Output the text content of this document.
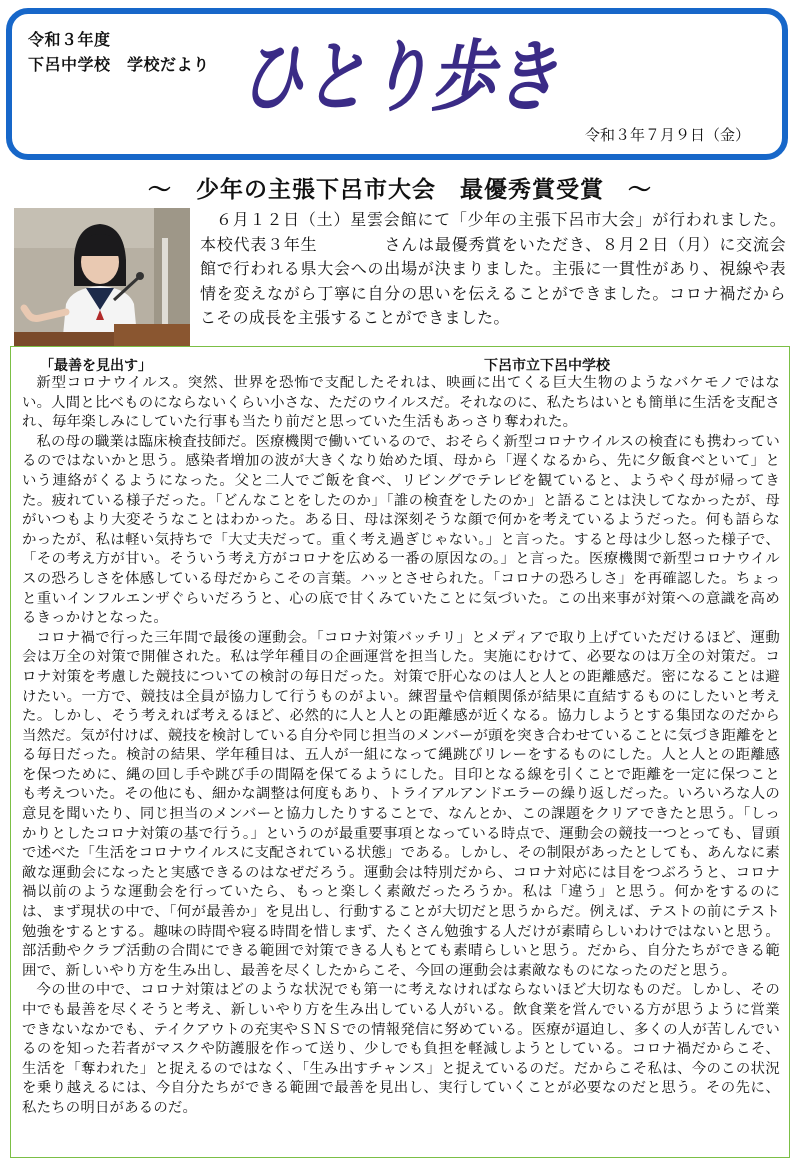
令和３年度
下呂中学校　学校だより ひとり歩き
令和３年７月９日（金）
～　少年の主張下呂市大会　最優秀賞受賞　～

６月１２日（土）星雲会館にて「少年の主張下呂市大会」が行われました。本校代表３年生　　　　さんは最優秀賞をいただき、８月２日（月）に交流会館で行われる県大会への出場が決まりました。主張に一貫性があり、視線や表情を変えながら丁寧に自分の思いを伝えることができました。コロナ禍だからこその成長を主張することができました。

「最善を見出す」	下呂市立下呂中学校

新型コロナウイルス。突然、世界を恐怖で支配したそれは、映画に出てくる巨大生物のようなバケモノではない。人間と比べものにならないくらい小さな、ただのウイルスだ。それなのに、私たちはいとも簡単に生活を支配され、毎年楽しみにしていた行事も当たり前だと思っていた生活もあっさり奪われた。

私の母の職業は臨床検査技師だ。医療機関で働いているので、おそらく新型コロナウイルスの検査にも携わっているのではないかと思う。感染者増加の波が大きくなり始めた頃、母から「遅くなるから、先に夕飯食べといて」という連絡がくるようになった。父と二人でご飯を食べ、リビングでテレビを観ていると、ようやく母が帰ってきた。疲れている様子だった。「どんなことをしたのか」「誰の検査をしたのか」と語ることは決してなかったが、母がいつもより大変そうなことはわかった。ある日、母は深刻そうな顔で何かを考えているようだった。何も語らなかったが、私は軽い気持ちで「大丈夫だって。重く考え過ぎじゃない。」と言った。すると母は少し怒った様子で、「その考え方が甘い。そういう考え方がコロナを広める一番の原因なの。」と言った。医療機関で新型コロナウイルスの恐ろしさを体感している母だからこその言葉。ハッとさせられた。「コロナの恐ろしさ」を再確認した。ちょっと重いインフルエンザぐらいだろうと、心の底で甘くみていたことに気づいた。この出来事が対策への意識を高めるきっかけとなった。

コロナ禍で行った三年間で最後の運動会。「コロナ対策バッチリ」とメディアで取り上げていただけるほど、運動会は万全の対策で開催された。私は学年種目の企画運営を担当した。実施にむけて、必要なのは万全の対策だ。コロナ対策を考慮した競技についての検討の毎日だった。対策で肝心なのは人と人との距離感だ。密になることは避けたい。一方で、競技は全員が協力して行うものがよい。練習量や信頼関係が結果に直結するものにしたいと考えた。しかし、そう考えれば考えるほど、必然的に人と人との距離感が近くなる。協力しようとする集団なのだから当然だ。気が付けば、競技を検討している自分や同じ担当のメンバーが頭を突き合わせていることに気づき距離をとる毎日だった。検討の結果、学年種目は、五人が一組になって縄跳びリレーをするものにした。人と人との距離感を保つために、縄の回し手や跳び手の間隔を保てるようにした。目印となる線を引くことで距離を一定に保つことも考えついた。その他にも、細かな調整は何度もあり、トライアルアンドエラーの繰り返しだった。いろいろな人の意見を聞いたり、同じ担当のメンバーと協力したりすることで、なんとか、この課題をクリアできたと思う。「しっかりとしたコロナ対策の基で行う。」というのが最重要事項となっている時点で、運動会の競技一つとっても、冒頭で述べた「生活をコロナウイルスに支配されている状態」である。しかし、その制限があったとしても、あんなに素敵な運動会になったと実感できるのはなぜだろう。運動会は特別だから、コロナ対応には目をつぶろうと、コロナ禍以前のような運動会を行っていたら、もっと楽しく素敵だったろうか。私は「違う」と思う。何かをするのには、まず現状の中で、「何が最善か」を見出し、行動することが大切だと思うからだ。例えば、テストの前にテスト勉強をするとする。趣味の時間や寝る時間を惜しまず、たくさん勉強する人だけが素晴らしいわけではないと思う。部活動やクラブ活動の合間にできる範囲で対策できる人もとても素晴らしいと思う。だから、自分たちができる範囲で、新しいやり方を生み出し、最善を尽くしたからこそ、今回の運動会は素敵なものになったのだと思う。

今の世の中で、コロナ対策はどのような状況でも第一に考えなければならないほど大切なものだ。しかし、その中でも最善を尽くそうと考え、新しいやり方を生み出している人がいる。飲食業を営んでいる方が思うように営業できないなかでも、テイクアウトの充実やＳＮＳでの情報発信に努めている。医療が逼迫し、多くの人が苦しんでいるのを知った若者がマスクや防護服を作って送り、少しでも負担を軽減しようとしている。コロナ禍だからこそ、生活を「奪われた」と捉えるのではなく、「生み出すチャンス」と捉えているのだ。だからこそ私は、今のこの状況を乗り越えるには、今自分たちができる範囲で最善を見出し、実行していくことが必要なのだと思う。その先に、私たちの明日があるのだ。
